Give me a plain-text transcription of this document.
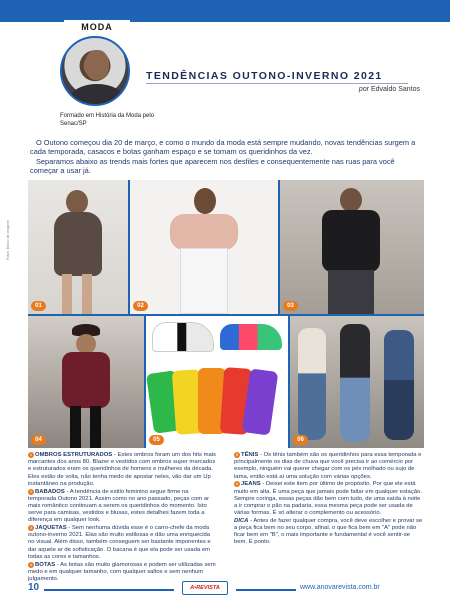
MODA
Formado em História da Moda pelo Senac/SP
TENDÊNCIAS OUTONO-INVERNO 2021
por Edvaldo Santos

O Outono começou dia 20 de março, e como o mundo da moda está sempre mudando, novas tendências surgem a cada temporada, casacos e botas ganham espaço e se tornam os queridinhos da vez.

Separamos abaixo as trends mais fortes que aparecem nos desfiles e consequentemente nas ruas para você começar a usar já.

Fotos: Banco de imagens
01	02	03
04	05	06

1 OMBROS ESTRUTURADOS - Estes ombros foram um dos hits mais marcantes dos anos 80. Blazer e vestidos com ombros super marcados e estruturados eram os queridinhos de homens e mulheres da década. Eles estão de volta, não tenha medo de apostar neles, vão dar um Up instantâneo na produção.

2 BABADOS - A tendência de estilo feminino segue firme na temporada Outono 2021. Assim como no ano passado, peças com ar mais romântico continuam a serem os queridinhos do momento. Isto serve para camisas, vestidos e blusas, estes detalhes fazem toda a diferença em qualquer look.

3 JAQUETAS - Sem nenhuma dúvida esse é o carro-chefe da moda outono-inverno 2021. Elas são muito estilosas e dão uma enriquecida no visual. Além disso, também conseguem ser bastante imponentes e dar aquele ar de sofisticação. O bacana é que ela pode ser usada em todas as cores e tamanhos.

4 BOTAS - As botas são muito glamorosas e podem ser utilizadas sem medo e em qualquer tamanho, com qualquer saltos e sem nenhum julgamento.

5 TÊNIS - Os tênis também são os queridinhos para essa temporada e principalmente os dias de chuva que você precisa ir ao comércio por exemplo, ninguém vai querer chegar com os pés molhado ou sujo de lama, então está aí uma solução com várias opções.

6 JEANS - Deixei este item por último de propósito. Por que ele está muito em alta. É uma peça que jamais pode faltar em qualquer estação. Sempre coringa, essas peças dão bem com tudo, de uma saída à noite a ir comprar o pão na padaria, essa mesma peça pode ser usada de várias formas. É só alterar o complemento ou acessório.

DICA - Antes de fazer qualquer compra, você deve escolher e provar se a peça fica bem no seu corpo, afinal, o que fica bem em "A" pode não ficar bem em "B", o mais importante e fundamental é você sentir-se bem. É ponto.

10	A•REVISTA	www.anovarevista.com.br
